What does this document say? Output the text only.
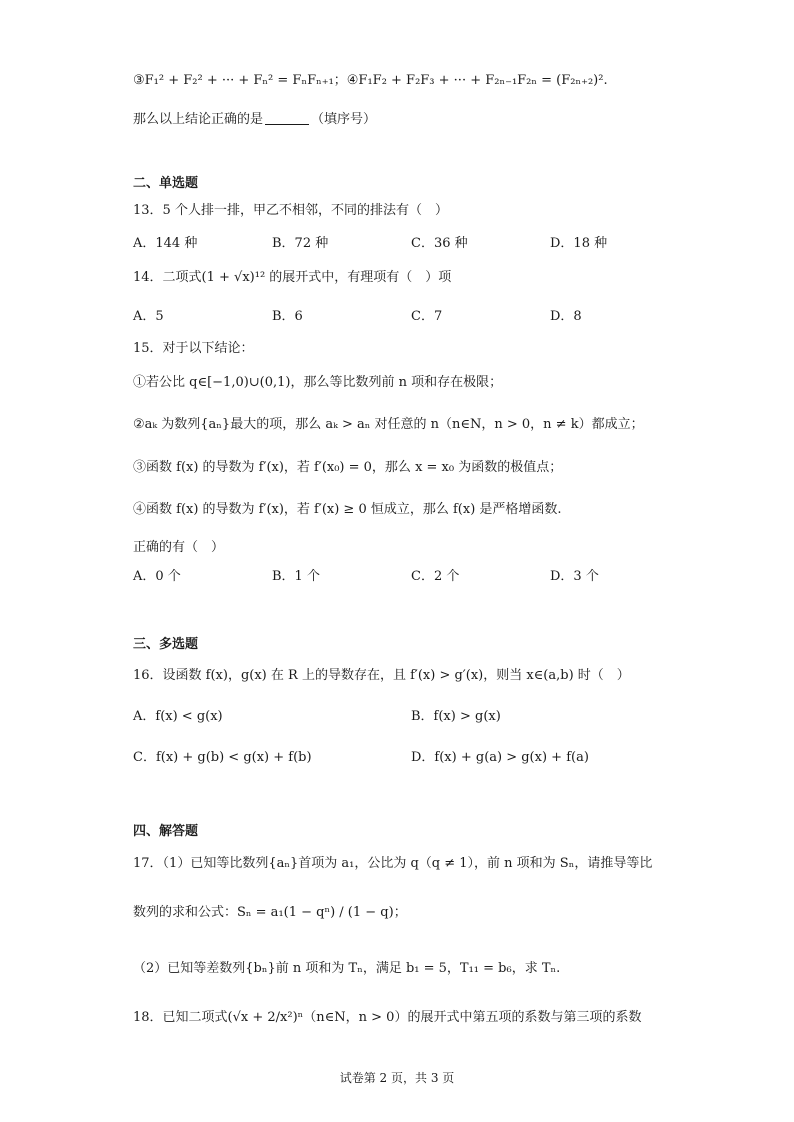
③F₁² + F₂² + ··· + Fₙ² = FₙFₙ₊₁；④F₁F₂ + F₂F₃ + ··· + F₂ₙ₋₁F₂ₙ = (F₂ₙ₊₂)².
那么以上结论正确的是	（填序号）
二、单选题
13．5 个人排一排，甲乙不相邻，不同的排法有（　）
A．144 种	B．72 种	C．36 种	D．18 种
14．二项式(1 + √x)¹² 的展开式中，有理项有（　）项
A．5	B．6	C．7	D．8
15．对于以下结论：
①若公比 q∈[−1,0)∪(0,1)，那么等比数列前 n 项和存在极限；
②aₖ 为数列{aₙ}最大的项，那么 aₖ > aₙ 对任意的 n（n∈N，n > 0，n ≠ k）都成立；
③函数 f(x) 的导数为 f′(x)，若 f′(x₀) = 0，那么 x = x₀ 为函数的极值点；
④函数 f(x) 的导数为 f′(x)，若 f′(x) ≥ 0 恒成立，那么 f(x) 是严格增函数.
正确的有（　）
A．0 个	B．1 个	C．2 个	D．3 个
三、多选题
16．设函数 f(x)，g(x) 在 R 上的导数存在，且 f′(x) > g′(x)，则当 x∈(a,b) 时（　）
A．f(x) < g(x)	B．f(x) > g(x)
C．f(x) + g(b) < g(x) + f(b)	D．f(x) + g(a) > g(x) + f(a)
四、解答题
17．（1）已知等比数列{aₙ}首项为 a₁，公比为 q（q ≠ 1），前 n 项和为 Sₙ，请推导等比
数列的求和公式：Sₙ = a₁(1 − qⁿ) / (1 − q)；
（2）已知等差数列{bₙ}前 n 项和为 Tₙ，满足 b₁ = 5，T₁₁ = b₆，求 Tₙ.
18．已知二项式(√x + 2/x²)ⁿ（n∈N，n > 0）的展开式中第五项的系数与第三项的系数
试卷第 2 页，共 3 页
